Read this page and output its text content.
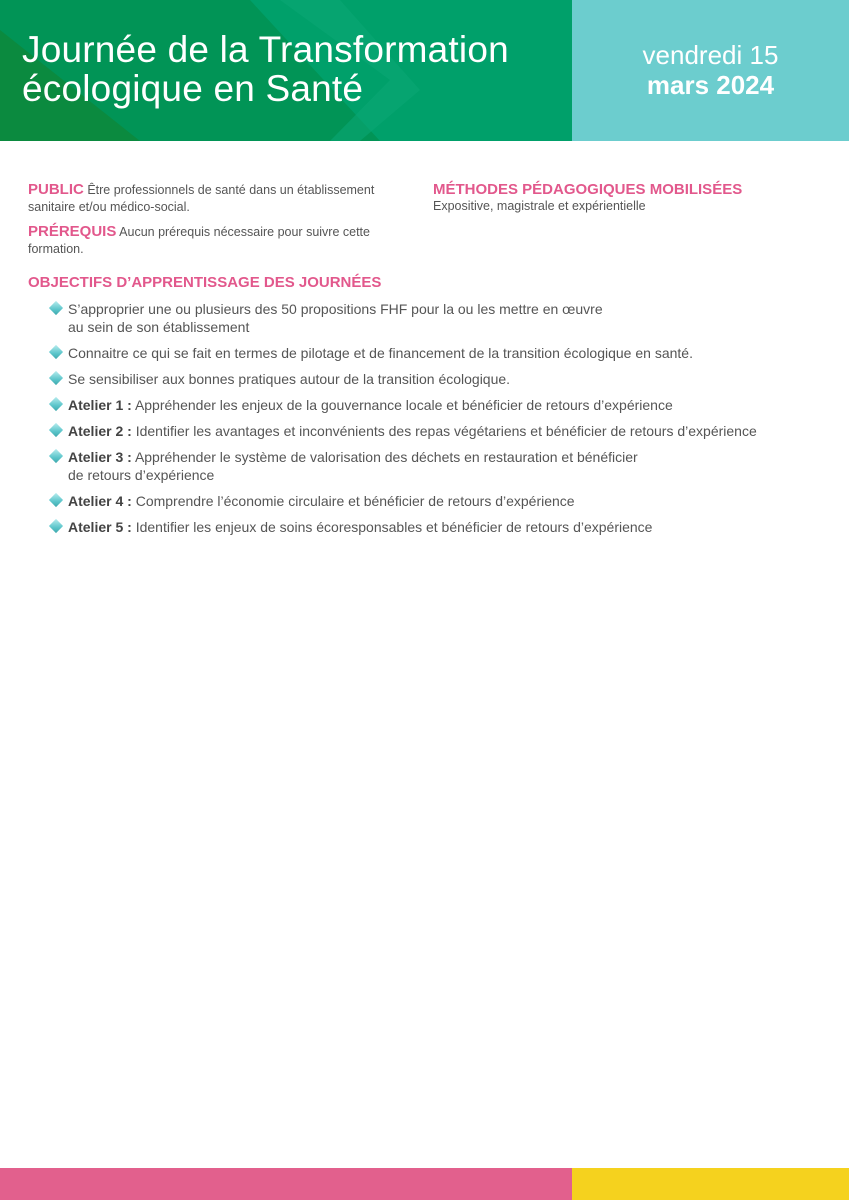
Journée de la Transformation
écologique en Santé
vendredi 15
mars 2024

PUBLIC Être professionnels de santé dans un établissement sanitaire et/ou médico-social.

PRÉREQUIS Aucun prérequis nécessaire pour suivre cette formation.

MÉTHODES PÉDAGOGIQUES MOBILISÉES
Expositive, magistrale et expérientielle
OBJECTIFS D’APPRENTISSAGE DES JOURNÉES
S’approprier une ou plusieurs des 50 propositions FHF pour la ou les mettre en œuvre
au sein de son établissement
Connaitre ce qui se fait en termes de pilotage et de financement de la transition écologique en santé.
Se sensibiliser aux bonnes pratiques autour de la transition écologique.
Atelier 1 : Appréhender les enjeux de la gouvernance locale et bénéficier de retours d’expérience
Atelier 2 : Identifier les avantages et inconvénients des repas végétariens et bénéficier de retours d’expérience
Atelier 3 : Appréhender le système de valorisation des déchets en restauration et bénéficier
de retours d’expérience
Atelier 4 : Comprendre l’économie circulaire et bénéficier de retours d’expérience
Atelier 5 : Identifier les enjeux de soins écoresponsables et bénéficier de retours d’expérience
